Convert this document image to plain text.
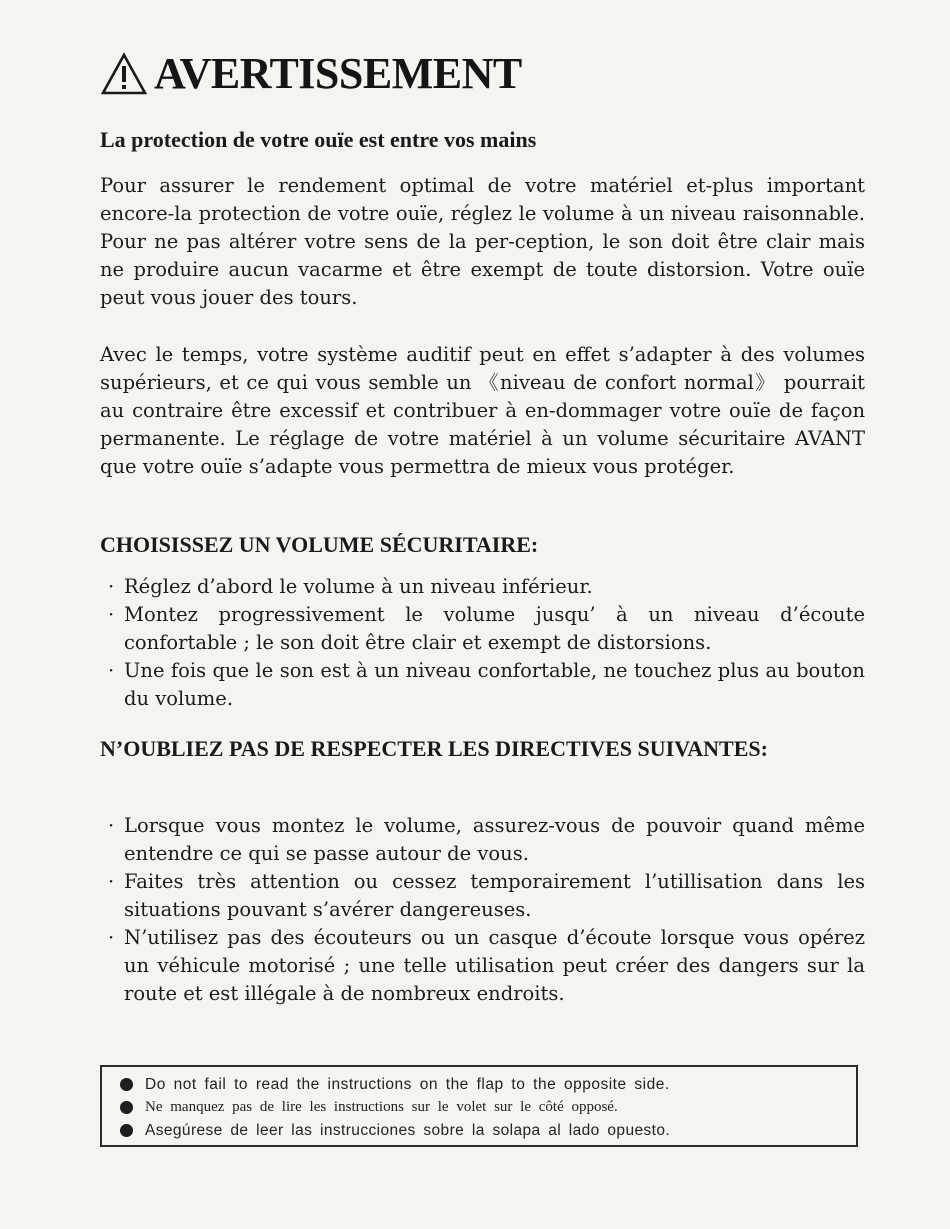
AVERTISSEMENT
La protection de votre ouïe est entre vos mains

Pour assurer le rendement optimal de votre matériel et-plus important encore-la protection de votre ouïe, réglez le volume à un niveau raisonnable. Pour ne pas altérer votre sens de la per-ception, le son doit être clair mais ne produire aucun vacarme et être exempt de toute distorsion. Votre ouïe peut vous jouer des tours.

Avec le temps, votre système auditif peut en effet s’adapter à des volumes supérieurs, et ce qui vous semble un 《niveau de confort normal》 pourrait au contraire être excessif et contribuer à en-dommager votre ouïe de façon permanente. Le réglage de votre matériel à un volume sécuritaire AVANT que votre ouïe s’adapte vous permettra de mieux vous protéger.

CHOISISSEZ UN VOLUME SÉCURITAIRE:
· Réglez d’abord le volume à un niveau inférieur.
· Montez progressivement le volume jusqu’ à un niveau d’écoute confortable ; le son doit être clair et exempt de distorsions.
· Une fois que le son est à un niveau confortable, ne touchez plus au bouton du volume.
N’OUBLIEZ PAS DE RESPECTER LES DIRECTIVES SUIVANTES:
· Lorsque vous montez le volume, assurez-vous de pouvoir quand même entendre ce qui se passe autour de vous.
· Faites très attention ou cessez temporairement l’utillisation dans les situations pouvant s’avérer dangereuses.
· N’utilisez pas des écouteurs ou un casque d’écoute lorsque vous opérez un véhicule motorisé ; une telle utilisation peut créer des dangers sur la route et est illégale à de nombreux endroits.
Do not fail to read the instructions on the flap to the opposite side.
Ne manquez pas de lire les instructions sur le volet sur le côté opposé.
Asegúrese de leer las instrucciones sobre la solapa al lado opuesto.
